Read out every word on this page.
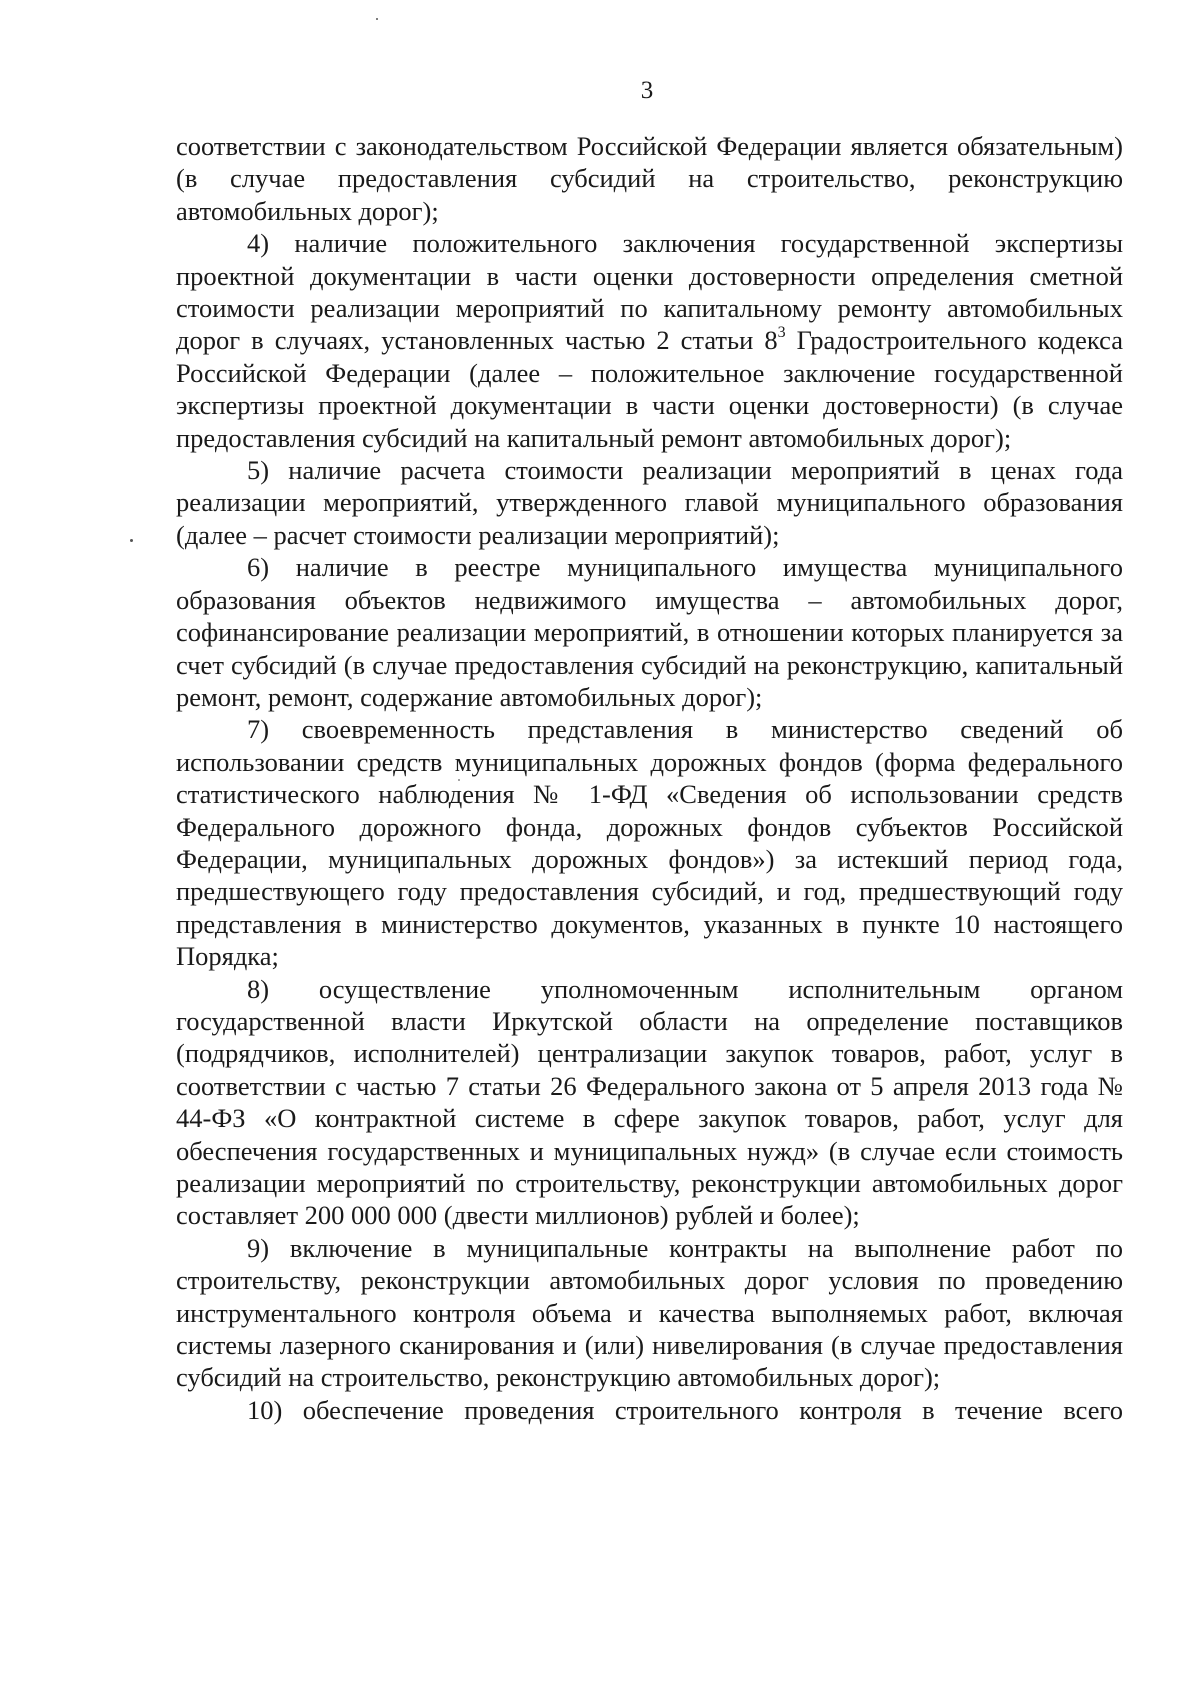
3

соответствии с законодательством Российской Федерации является обязательным) (в случае предоставления субсидий на строительство, реконструкцию автомобильных дорог);

4) наличие положительного заключения государственной экспертизы проектной документации в части оценки достоверности определения сметной стоимости реализации мероприятий по капитальному ремонту автомобильных дорог в случаях, установленных частью 2 статьи $8^3$ Градостроительного кодекса Российской Федерации (далее – положительное заключение государственной экспертизы проектной документации в части оценки достоверности) (в случае предоставления субсидий на капитальный ремонт автомобильных дорог);

5) наличие расчета стоимости реализации мероприятий в ценах года реализации мероприятий, утвержденного главой муниципального образования (далее – расчет стоимости реализации мероприятий);

6) наличие в реестре муниципального имущества муниципального образования объектов недвижимого имущества – автомобильных дорог, софинансирование реализации мероприятий, в отношении которых планируется за счет субсидий (в случае предоставления субсидий на реконструкцию, капитальный ремонт, ремонт, содержание автомобильных дорог);

7) своевременность представления в министерство сведений об использовании средств муниципальных дорожных фондов (форма федерального статистического наблюдения № 1-ФД «Сведения об использовании средств Федерального дорожного фонда, дорожных фондов субъектов Российской Федерации, муниципальных дорожных фондов») за истекший период года, предшествующего году предоставления субсидий, и год, предшествующий году представления в министерство документов, указанных в пункте 10 настоящего Порядка;

8) осуществление уполномоченным исполнительным органом государственной власти Иркутской области на определение поставщиков (подрядчиков, исполнителей) централизации закупок товаров, работ, услуг в соответствии с частью 7 статьи 26 Федерального закона от 5 апреля 2013 года № 44-ФЗ «О контрактной системе в сфере закупок товаров, работ, услуг для обеспечения государственных и муниципальных нужд» (в случае если стоимость реализации мероприятий по строительству, реконструкции автомобильных дорог составляет 200 000 000 (двести миллионов) рублей и более);

9) включение в муниципальные контракты на выполнение работ по строительству, реконструкции автомобильных дорог условия по проведению инструментального контроля объема и качества выполняемых работ, включая системы лазерного сканирования и (или) нивелирования (в случае предоставления субсидий на строительство, реконструкцию автомобильных дорог);

10) обеспечение проведения строительного контроля в течение всего
